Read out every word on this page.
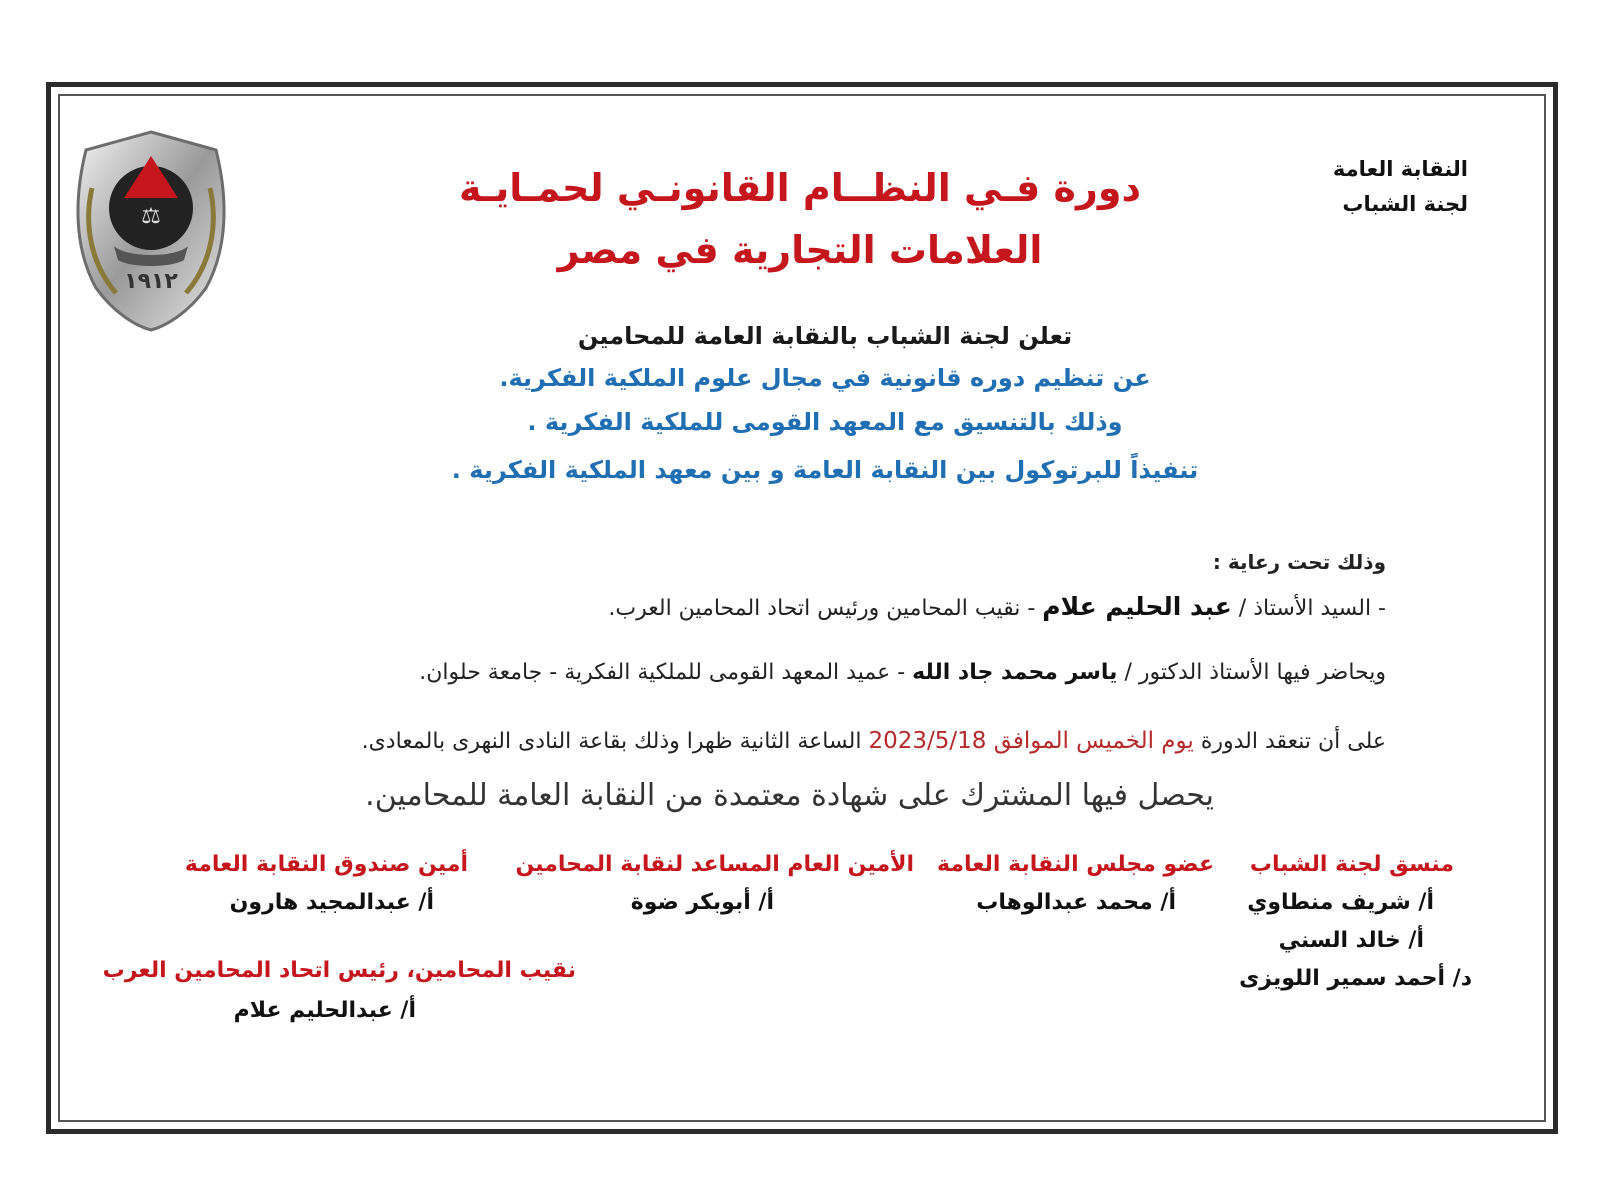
⚖
١٩١٢
النقابة العامة
لجنة الشباب
دورة فـي النظــام القانونـي لحمـايـة
العلامات التجارية في مصر
تعلن لجنة الشباب بالنقابة العامة للمحامين
عن تنظيم دوره قانونية في مجال علوم الملكية الفكرية.
وذلك بالتنسيق مع المعهد القومى للملكية الفكرية .
تنفيذاً للبرتوكول بين النقابة العامة و بين معهد الملكية الفكرية .
وذلك تحت رعاية :
- السيد الأستاذ / عبد الحليم علام - نقيب المحامين ورئيس اتحاد المحامين العرب.
ويحاضر فيها الأستاذ الدكتور / ياسر محمد جاد الله - عميد المعهد القومى للملكية الفكرية - جامعة حلوان.
على أن تنعقد الدورة يوم الخميس الموافق 2023/5/18 الساعة الثانية ظهرا وذلك بقاعة النادى النهرى بالمعادى.
يحصل فيها المشترك على شهادة معتمدة من النقابة العامة للمحامين.
منسق لجنة الشباب
أ/ شريف منطاوي
أ/ خالد السني
د/ أحمد سمير اللويزى
عضو مجلس النقابة العامة
أ/ محمد عبدالوهاب
الأمين العام المساعد لنقابة المحامين
أ/ أبوبكر ضوة
أمين صندوق النقابة العامة
أ/ عبدالمجيد هارون
نقيب المحامين، رئيس اتحاد المحامين العرب
أ/ عبدالحليم علام
